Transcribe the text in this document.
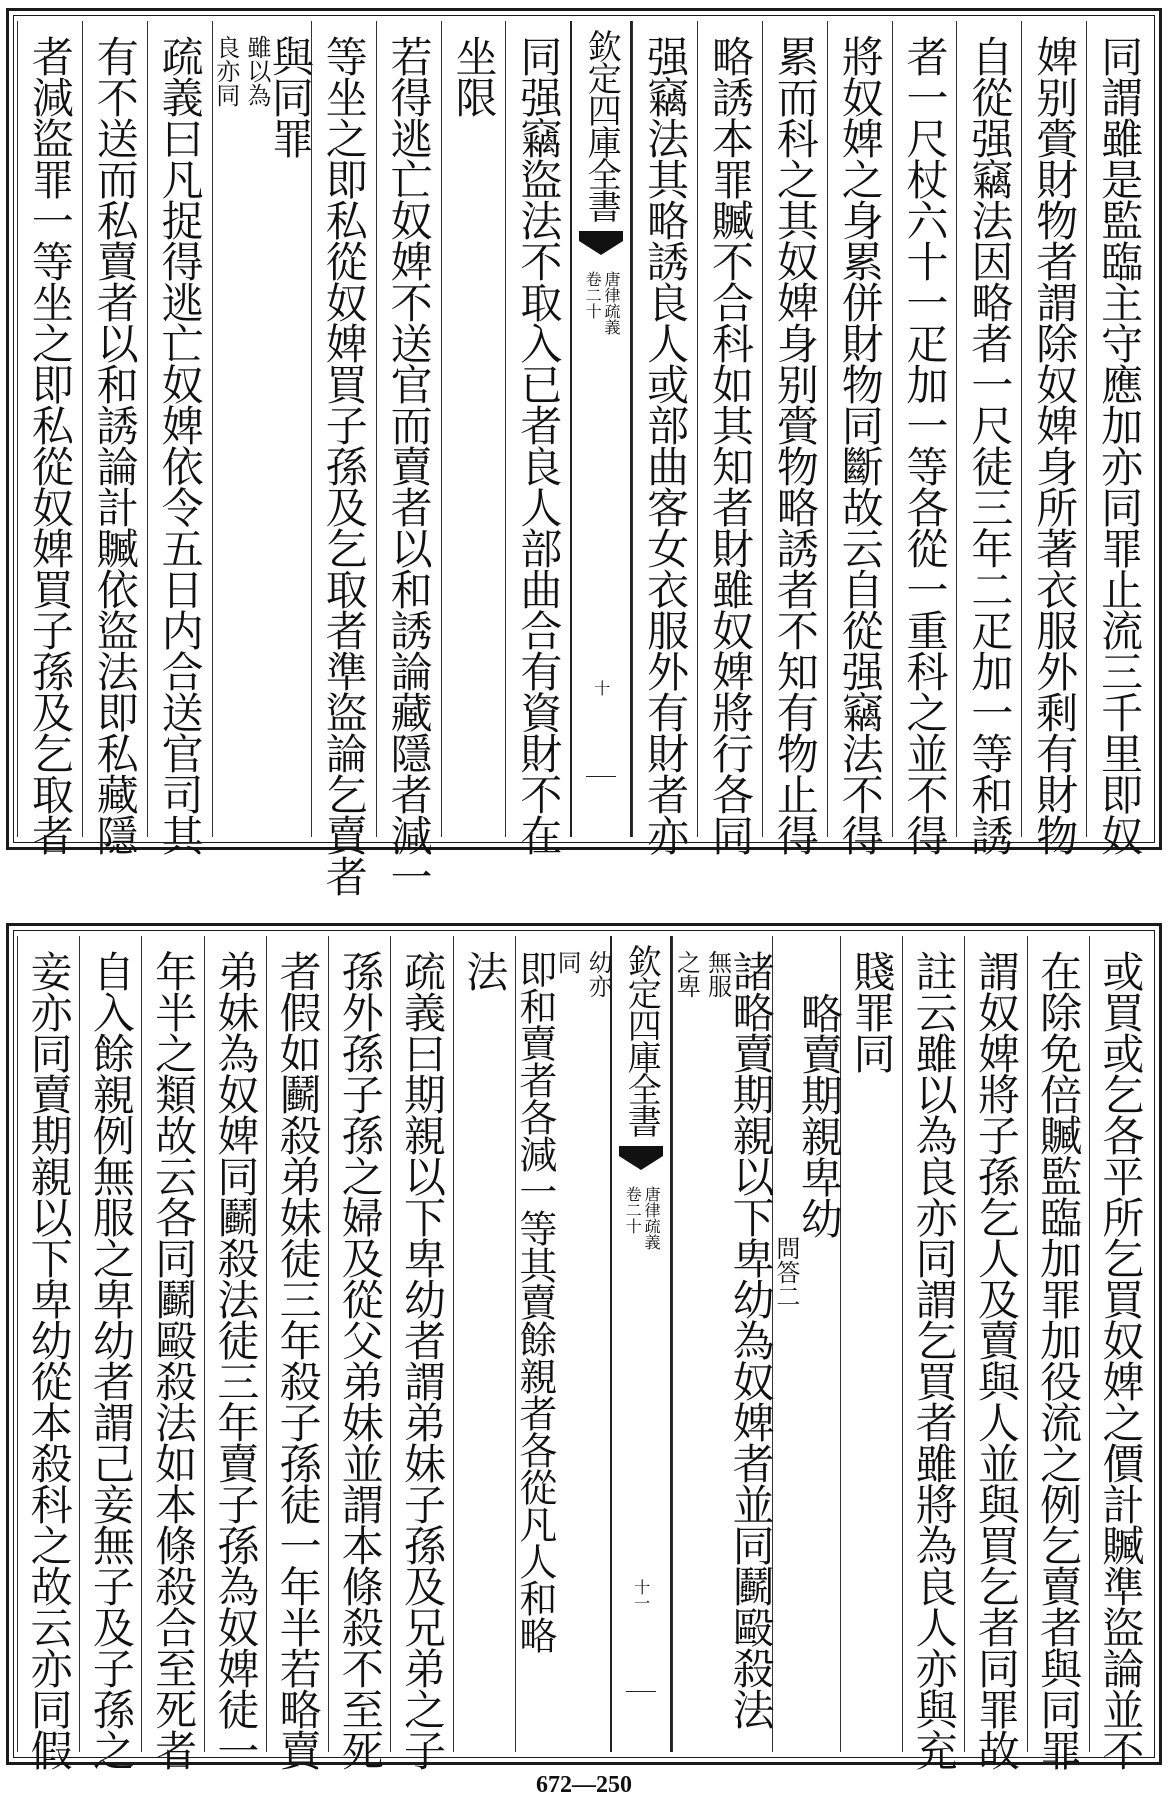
同謂雖是監臨主守應加亦同罪止流三千里即奴
婢别賫財物者謂除奴婢身所著衣服外剩有財物
自從强竊法因略者一尺徒三年二疋加一等和誘
者一尺杖六十一疋加一等各從一重科之並不得
將奴婢之身累併財物同斷故云自從强竊法不得
累而科之其奴婢身别賫物略誘者不知有物止得
略誘本罪贓不合科如其知者財雖奴婢將行各同
强竊法其略誘良人或部曲客女衣服外有財者亦
欽定四庫全書
唐律疏義
卷二十
十
同强竊盜法不取入已者良人部曲合有資財不在
坐限
若得逃亡奴婢不送官而賣者以和誘論藏隱者減一
等坐之即私從奴婢買子孫及乞取者準盜論乞賣者
與同罪
雖以為
良亦同
疏義曰凡捉得逃亡奴婢依令五日内合送官司其
有不送而私賣者以和誘論計贓依盜法即私藏隱
者減盜罪一等坐之即私從奴婢買子孫及乞取者
或買或乞各平所乞買奴婢之價計贓準盜論並不
在除免倍贓監臨加罪加役流之例乞賣者與同罪
謂奴婢將子孫乞人及賣與人並與買乞者同罪故
註云雖以為良亦同謂乞買者雖將為良人亦與充
賤罪同
略賣期親卑幼
問答二
諸略賣期親以下卑幼為奴婢者並同鬬毆殺法
無服
之卑
欽定四庫全書
唐律疏義
卷二十
十一
幼亦
同
即和賣者各減一等其賣餘親者各從凡人和略
法
疏義曰期親以下卑幼者謂弟妹子孫及兄弟之子
孫外孫子孫之婦及從父弟妹並謂本條殺不至死
者假如鬬殺弟妹徒三年殺子孫徒一年半若略賣
弟妹為奴婢同鬬殺法徒三年賣子孫為奴婢徒一
年半之類故云各同鬬毆殺法如本條殺合至死者
自入餘親例無服之卑幼者謂己妾無子及子孫之
妾亦同賣期親以下卑幼從本殺科之故云亦同假
672—250
